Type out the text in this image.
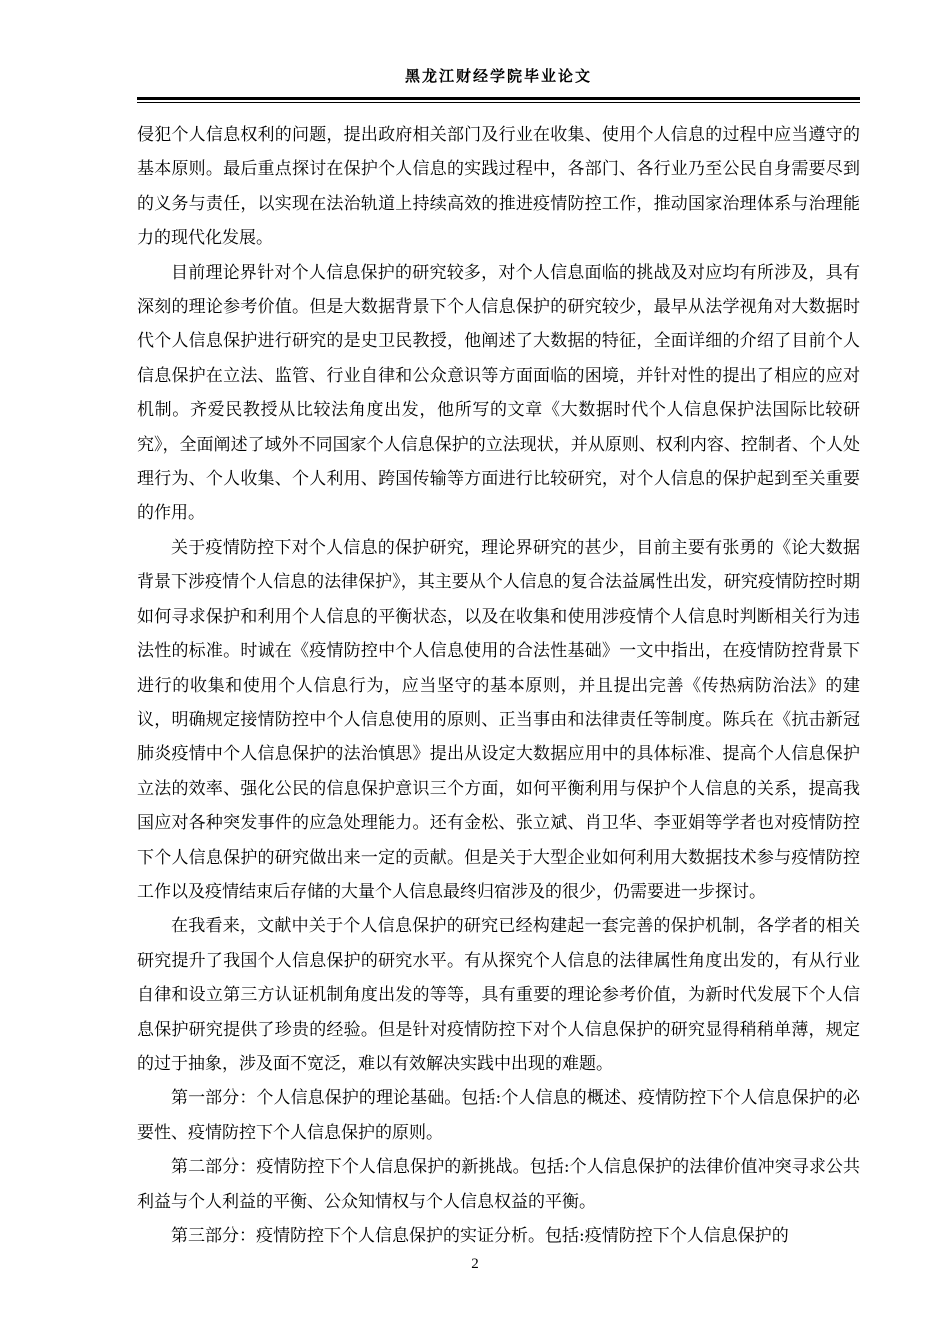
黑龙江财经学院毕业论文

侵犯个人信息权利的问题，提出政府相关部门及行业在收集、使用个人信息的过程中应当遵守的基本原则。最后重点探讨在保护个人信息的实践过程中，各部门、各行业乃至公民自身需要尽到的义务与责任，以实现在法治轨道上持续高效的推进疫情防控工作，推动国家治理体系与治理能力的现代化发展。

目前理论界针对个人信息保护的研究较多，对个人信息面临的挑战及对应均有所涉及，具有深刻的理论参考价值。但是大数据背景下个人信息保护的研究较少，最早从法学视角对大数据时代个人信息保护进行研究的是史卫民教授，他阐述了大数据的特征，全面详细的介绍了目前个人信息保护在立法、监管、行业自律和公众意识等方面面临的困境，并针对性的提出了相应的应对机制。齐爱民教授从比较法角度出发，他所写的文章《大数据时代个人信息保护法国际比较研究》，全面阐述了域外不同国家个人信息保护的立法现状，并从原则、权利内容、控制者、个人处理行为、个人收集、个人利用、跨国传输等方面进行比较研究，对个人信息的保护起到至关重要的作用。

关于疫情防控下对个人信息的保护研究，理论界研究的甚少，目前主要有张勇的《论大数据背景下涉疫情个人信息的法律保护》，其主要从个人信息的复合法益属性出发，研究疫情防控时期如何寻求保护和利用个人信息的平衡状态，以及在收集和使用涉疫情个人信息时判断相关行为违法性的标准。时诚在《疫情防控中个人信息使用的合法性基础》一文中指出，在疫情防控背景下进行的收集和使用个人信息行为，应当坚守的基本原则，并且提出完善《传热病防治法》的建议，明确规定接情防控中个人信息使用的原则、正当事由和法律责任等制度。陈兵在《抗击新冠肺炎疫情中个人信息保护的法治慎思》提出从设定大数据应用中的具体标准、提高个人信息保护立法的效率、强化公民的信息保护意识三个方面，如何平衡利用与保护个人信息的关系，提高我国应对各种突发事件的应急处理能力。还有金松、张立斌、肖卫华、李亚娟等学者也对疫情防控下个人信息保护的研究做出来一定的贡献。但是关于大型企业如何利用大数据技术参与疫情防控工作以及疫情结束后存储的大量个人信息最终归宿涉及的很少，仍需要进一步探讨。

在我看来，文献中关于个人信息保护的研究已经构建起一套完善的保护机制，各学者的相关研究提升了我国个人信息保护的研究水平。有从探究个人信息的法律属性角度出发的，有从行业自律和设立第三方认证机制角度出发的等等，具有重要的理论参考价值，为新时代发展下个人信息保护研究提供了珍贵的经验。但是针对疫情防控下对个人信息保护的研究显得稍稍单薄，规定的过于抽象，涉及面不宽泛，难以有效解决实践中出现的难题。

第一部分：个人信息保护的理论基础。包括:个人信息的概述、疫情防控下个人信息保护的必要性、疫情防控下个人信息保护的原则。

第二部分：疫情防控下个人信息保护的新挑战。包括:个人信息保护的法律价值冲突寻求公共利益与个人利益的平衡、公众知情权与个人信息权益的平衡。

第三部分：疫情防控下个人信息保护的实证分析。包括:疫情防控下个人信息保护的

2
